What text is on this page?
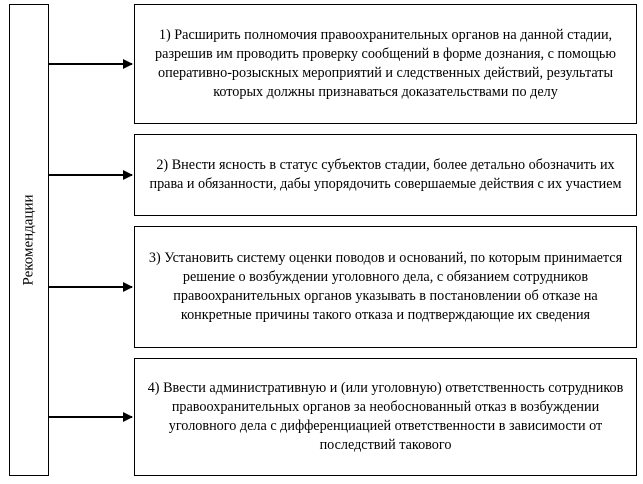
Рекомендации
1) Расширить полномочия правоохранительных органов на данной стадии, разрешив им проводить проверку сообщений в форме дознания, с помощью оперативно-розыскных мероприятий и следственных действий, результаты которых должны признаваться доказательствами по делу
2) Внести ясность в статус субъектов стадии, более детально обозначить их права и обязанности, дабы упорядочить совершаемые действия с их участием
3) Установить систему оценки поводов и оснований, по которым принимается решение о возбуждении уголовного дела, с обязанием сотрудников правоохранительных органов указывать в постановлении об отказе на конкретные причины такого отказа и подтверждающие их сведения
4) Ввести административную и (или уголовную) ответственность сотрудников правоохранительных органов за необоснованный отказ в возбуждении уголовного дела с дифференциацией ответственности в зависимости от последствий такового
